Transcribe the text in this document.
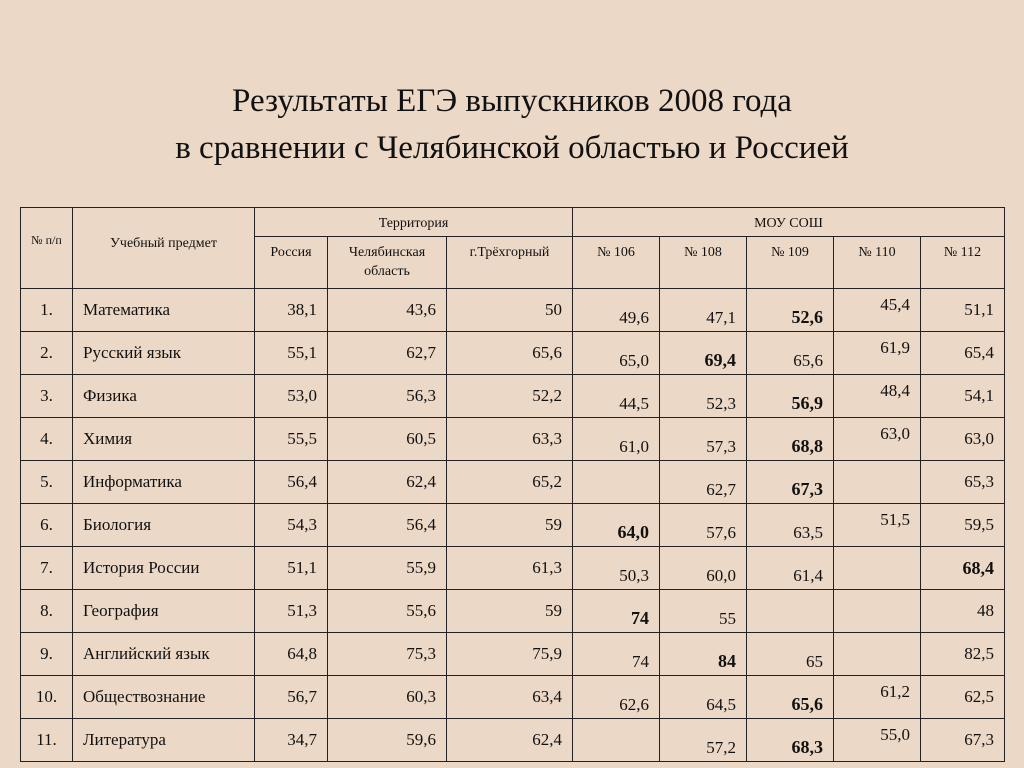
Результаты ЕГЭ выпускников 2008 года
в сравнении с Челябинской областью и Россией
№ п/п	Учебный предмет	Территория			МОУ СОШ				
		Россия	Челябинская область	г.Трёхгорный	№ 106	№ 108	№ 109	№ 110	№ 112
1.	Математика	38,1	43,6	50	49,6	47,1	52,6	45,4	51,1
2.	Русский язык	55,1	62,7	65,6	65,0	69,4	65,6	61,9	65,4
3.	Физика	53,0	56,3	52,2	44,5	52,3	56,9	48,4	54,1
4.	Химия	55,5	60,5	63,3	61,0	57,3	68,8	63,0	63,0
5.	Информатика	56,4	62,4	65,2		62,7	67,3		65,3
6.	Биология	54,3	56,4	59	64,0	57,6	63,5	51,5	59,5
7.	История России	51,1	55,9	61,3	50,3	60,0	61,4		68,4
8.	География	51,3	55,6	59	74	55			48
9.	Английский язык	64,8	75,3	75,9	74	84	65		82,5
10.	Обществознание	56,7	60,3	63,4	62,6	64,5	65,6	61,2	62,5
11.	Литература	34,7	59,6	62,4		57,2	68,3	55,0	67,3
